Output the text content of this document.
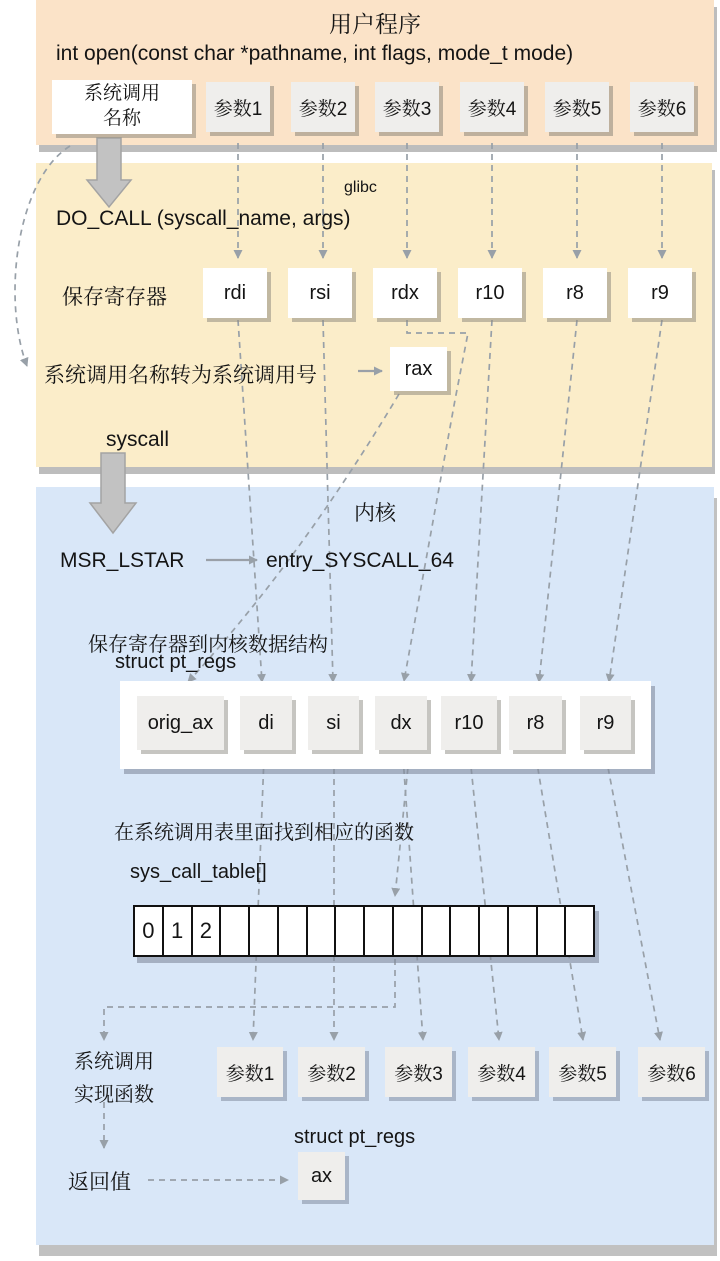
用户程序
int open(const char *pathname, int flags, mode_t mode)
系统调用
名称	参数1	参数2	参数3	参数4	参数5	参数6
glibc
DO_CALL (syscall_name, args)
保存寄存器	rdi	rsi	rdx	r10	r8	r9
系统调用名称转为系统调用号	rax
syscall
内核
MSR_LSTAR	entry_SYSCALL_64
保存寄存器到内核数据结构
struct pt_regs
orig_ax	di	si	dx	r10	r8	r9
在系统调用表里面找到相应的函数
sys_call_table[]
0 1 2
系统调用
实现函数
参数1	参数2	参数3	参数4	参数5	参数6
struct pt_regs
ax
返回值
